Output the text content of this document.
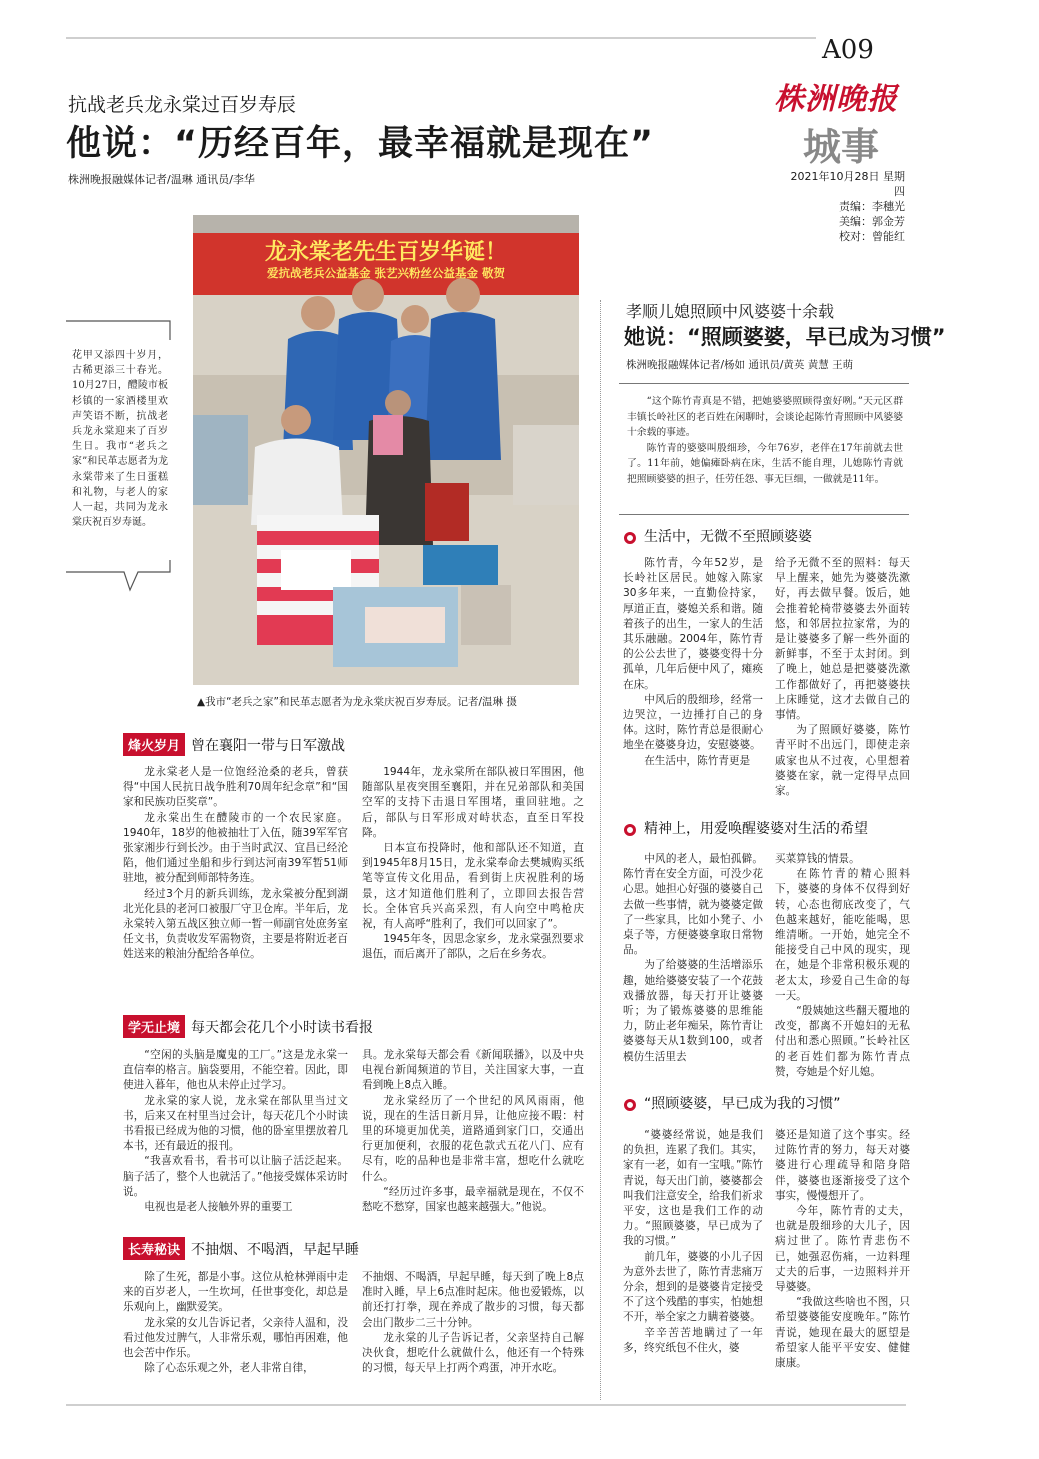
A09
株洲晚报
城事
2021年10月28日 星期四
责编：李穗光
美编：郭金芳
校对：曾能红
抗战老兵龙永棠过百岁寿辰
他说：“历经百年，最幸福就是现在”
株洲晚报融媒体记者/温琳 通讯员/李华
龙永棠老先生百岁华诞！
爱抗战老兵公益基金 张艺兴粉丝公益基金 敬贺
▲我市“老兵之家”和民革志愿者为龙永棠庆祝百岁寿辰。记者/温琳 摄
花甲又添四十岁月，古稀更添三十春光。10月27日，醴陵市板杉镇的一家酒楼里欢声笑语不断，抗战老兵龙永棠迎来了百岁生日。我市“老兵之家”和民革志愿者为龙永棠带来了生日蛋糕和礼物，与老人的家人一起，共同为龙永棠庆祝百岁寿诞。
烽火岁月 曾在襄阳一带与日军激战

龙永棠老人是一位饱经沧桑的老兵，曾获得“中国人民抗日战争胜利70周年纪念章”和“国家和民族功臣奖章”。

龙永棠出生在醴陵市的一个农民家庭。1940年，18岁的他被抽壮丁入伍，随39军军官张家湘步行到长沙。由于当时武汉、宜昌已经沦陷，他们通过坐船和步行到达河南39军暂51师驻地，被分配到师部特务连。

经过3个月的新兵训练，龙永棠被分配到湖北光化县的老河口被服厂守卫仓库。半年后，龙永棠转入第五战区独立师一暂一师副官处庶务室任文书，负责收发军需物资，主要是将附近老百姓送来的粮油分配给各单位。

1944年，龙永棠所在部队被日军围困，他随部队星夜突围至襄阳，并在兄弟部队和美国空军的支持下击退日军围堵，重回驻地。之后，部队与日军形成对峙状态，直至日军投降。

日本宣布投降时，他和部队还不知道，直到1945年8月15日，龙永棠奉命去樊城购买纸笔等宣传文化用品，看到街上庆祝胜利的场景，这才知道他们胜利了，立即回去报告营长。全体官兵兴高采烈，有人向空中鸣枪庆祝，有人高呼“胜利了，我们可以回家了”。

1945年冬，因思念家乡，龙永棠强烈要求退伍，而后离开了部队，之后在乡务农。

学无止境 每天都会花几个小时读书看报

“空闲的头脑是魔鬼的工厂。”这是龙永棠一直信奉的格言。脑袋要用，不能空着。因此，即使进入暮年，他也从未停止过学习。

龙永棠的家人说，龙永棠在部队里当过文书，后来又在村里当过会计，每天花几个小时读书看报已经成为他的习惯，他的卧室里摆放着几本书，还有最近的报刊。

“我喜欢看书，看书可以让脑子活泛起来。脑子活了，整个人也就活了。”他接受媒体采访时说。

电视也是老人接触外界的重要工

具。龙永棠每天都会看《新闻联播》，以及中央电视台新闻频道的节目，关注国家大事，一直看到晚上8点入睡。

龙永棠经历了一个世纪的风风雨雨，他说，现在的生活日新月异，让他应接不暇：村里的环境更加优美，道路通到家门口，交通出行更加便利，衣服的花色款式五花八门、应有尽有，吃的品种也是非常丰富，想吃什么就吃什么。

“经历过许多事，最幸福就是现在，不仅不愁吃不愁穿，国家也越来越强大。”他说。

长寿秘诀 不抽烟、不喝酒，早起早睡

除了生死，都是小事。这位从枪林弹雨中走来的百岁老人，一生坎坷，任世事变化，却总是乐观向上，幽默爱笑。

龙永棠的女儿告诉记者，父亲待人温和，没看过他发过脾气，人非常乐观，哪怕再困难，他也会苦中作乐。

除了心态乐观之外，老人非常自律，

不抽烟、不喝酒，早起早睡，每天到了晚上8点准时入睡，早上6点准时起床。他也爱锻炼，以前还打打拳，现在养成了散步的习惯，每天都会出门散步二三十分钟。

龙永棠的儿子告诉记者，父亲坚持自己解决伙食，想吃什么就做什么，他还有一个特殊的习惯，每天早上打两个鸡蛋，冲开水吃。

孝顺儿媳照顾中风婆婆十余载
她说：“照顾婆婆，早已成为习惯”
株洲晚报融媒体记者/杨如 通讯员/黄英 黄慧 王萌

“这个陈竹青真是不错，把她婆婆照顾得蛮好咧。”天元区群丰镇长岭社区的老百姓在闲聊时，会谈论起陈竹青照顾中风婆婆十余载的事迹。

陈竹青的婆婆叫殷细珍，今年76岁，老伴在17年前就去世了。11年前，她偏瘫卧病在床，生活不能自理，儿媳陈竹青就把照顾婆婆的担子，任劳任怨、事无巨细，一做就是11年。

生活中，无微不至照顾婆婆

陈竹青，今年52岁，是长岭社区居民。她嫁入陈家30多年来，一直勤俭持家，厚道正直，婆媳关系和谐。随着孩子的出生，一家人的生活其乐融融。2004年，陈竹青的公公去世了，婆婆变得十分孤单，几年后便中风了，瘫痪在床。

中风后的殷细珍，经常一边哭泣，一边捶打自己的身体。这时，陈竹青总是很耐心地坐在婆婆身边，安慰婆婆。

在生活中，陈竹青更是

给予无微不至的照料：每天早上醒来，她先为婆婆洗漱好，再去做早餐。饭后，她会推着轮椅带婆婆去外面转悠，和邻居拉拉家常，为的是让婆婆多了解一些外面的新鲜事，不至于太封闭。到了晚上，她总是把婆婆洗漱工作都做好了，再把婆婆扶上床睡觉，这才去做自己的事情。

为了照顾好婆婆，陈竹青平时不出远门，即使走亲戚家也从不过夜，心里想着婆婆在家，就一定得早点回家。

精神上，用爱唤醒婆婆对生活的希望

中风的老人，最怕孤僻。陈竹青在安全方面，可没少花心思。她担心好强的婆婆自己去做一些事情，就为婆婆定做了一些家具，比如小凳子、小桌子等，方便婆婆拿取日常物品。

为了给婆婆的生活增添乐趣，她给婆婆安装了一个花鼓戏播放器，每天打开让婆婆听；为了锻炼婆婆的思维能力，防止老年痴呆，陈竹青让婆婆每天从1数到100，或者模仿生活里去

买菜算钱的情景。

在陈竹青的精心照料下，婆婆的身体不仅得到好转，心态也彻底改变了，气色越来越好，能吃能喝，思维清晰。一开始，她完全不能接受自己中风的现实，现在，她是个非常积极乐观的老太太，珍爱自己生命的每一天。

“殷姨她这些翻天覆地的改变，都离不开媳妇的无私付出和悉心照顾。”长岭社区的老百姓们都为陈竹青点赞，夸她是个好儿媳。

“照顾婆婆，早已成为我的习惯”

“婆婆经常说，她是我们的负担，连累了我们。其实，家有一老，如有一宝哦。”陈竹青说，每天出门前，婆婆都会叫我们注意安全，给我们祈求平安，这也是我们工作的动力。“照顾婆婆，早已成为了我的习惯。”

前几年，婆婆的小儿子因为意外去世了，陈竹青悲痛万分余，想到的是婆婆肯定接受不了这个残酷的事实，怕她想不开，举全家之力瞒着婆婆。

辛辛苦苦地瞒过了一年多，终究纸包不住火，婆

婆还是知道了这个事实。经过陈竹青的努力，每天对婆婆进行心理疏导和陪身陪伴，婆婆也逐渐接受了这个事实，慢慢想开了。

今年，陈竹青的丈夫，也就是殷细珍的大儿子，因病过世了。陈竹青悲伤不已，她强忍伤痛，一边料理丈夫的后事，一边照料并开导婆婆。

“我做这些啥也不图，只希望婆婆能安度晚年。”陈竹青说，她现在最大的愿望是希望家人能平平安安、健健康康。
